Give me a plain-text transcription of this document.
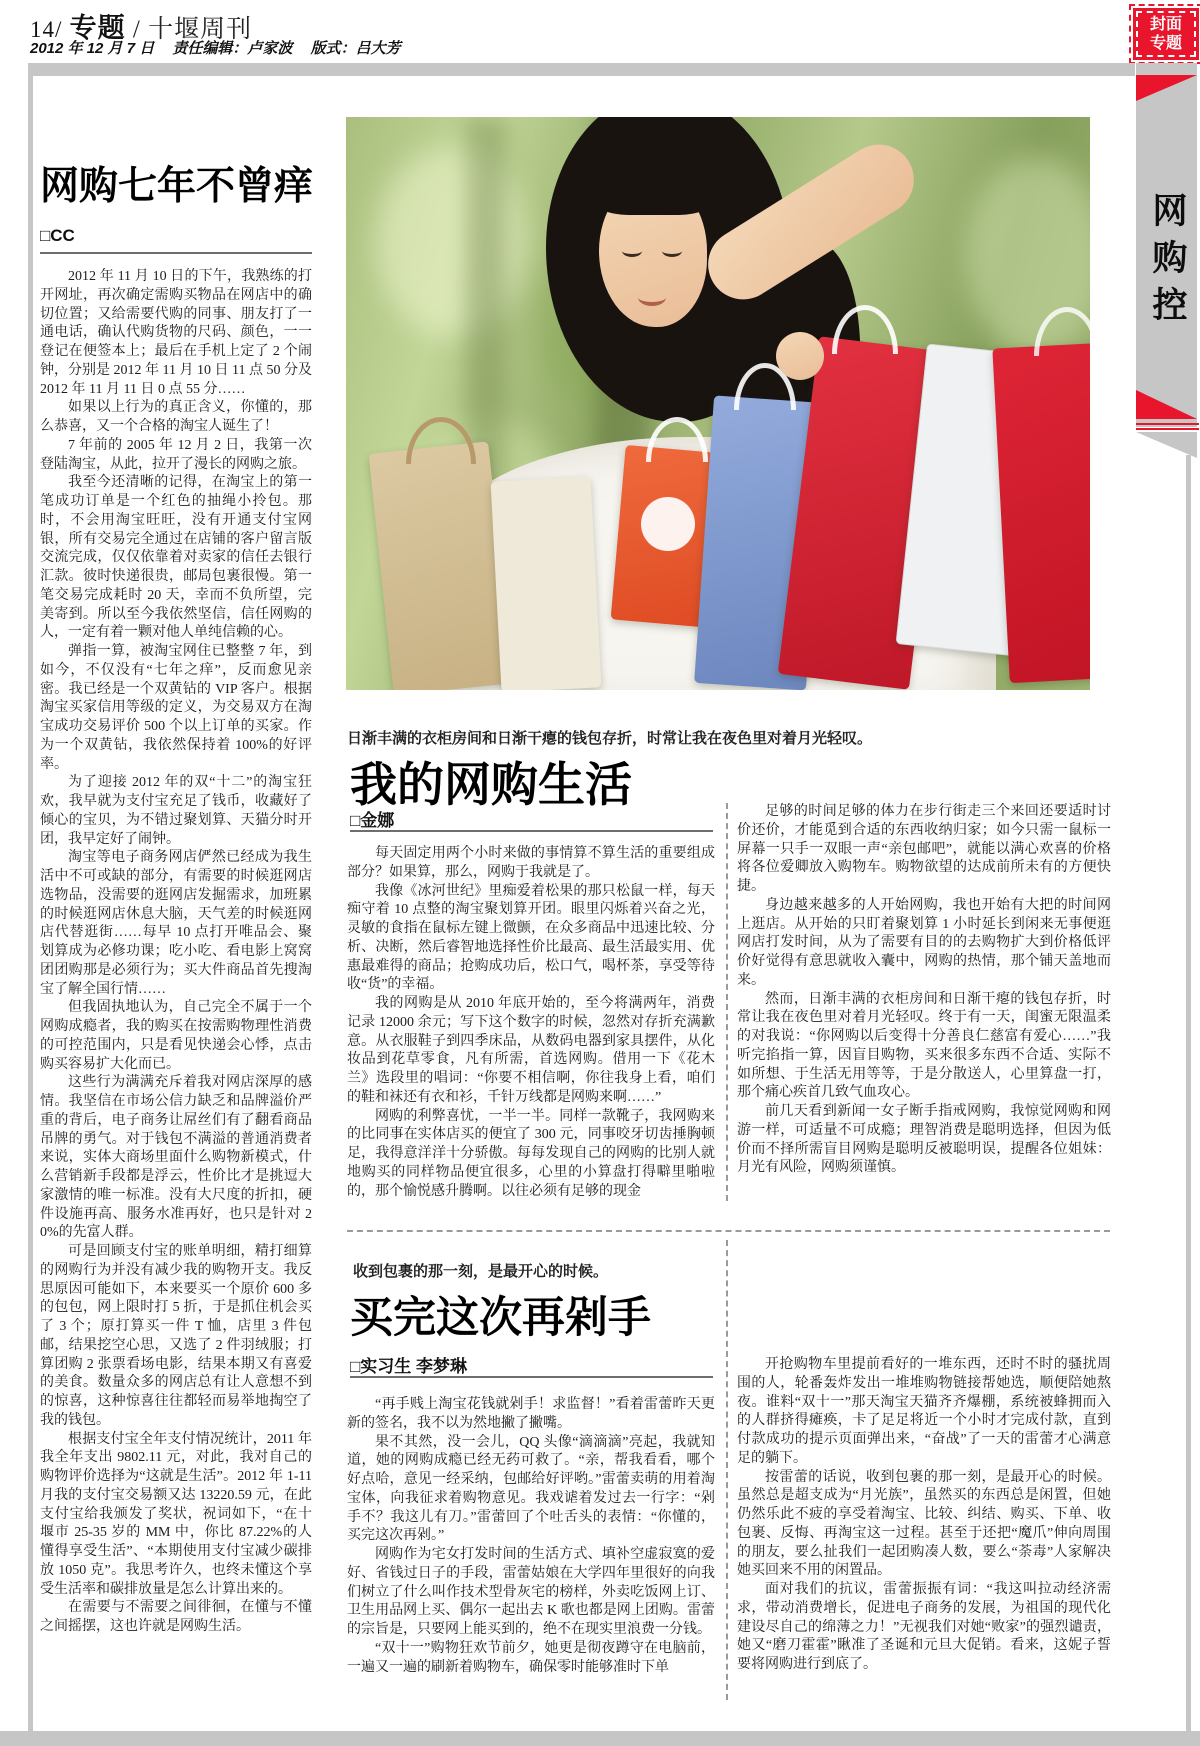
14/ 专题 / 十堰周刊
2012 年 12 月 7 日 责任编辑：卢家波 版式：吕大芳
封面
专题
网购控
网购七年不曾痒
□CC

2012 年 11 月 10 日的下午，我熟练的打开网址，再次确定需购买物品在网店中的确切位置；又给需要代购的同事、朋友打了一通电话，确认代购货物的尺码、颜色，一一登记在便签本上；最后在手机上定了 2 个闹钟，分别是 2012 年 11 月 10 日 11 点 50 分及 2012 年 11 月 11 日 0 点 55 分……

如果以上行为的真正含义，你懂的，那么恭喜，又一个合格的淘宝人诞生了！

7 年前的 2005 年 12 月 2 日，我第一次登陆淘宝，从此，拉开了漫长的网购之旅。

我至今还清晰的记得，在淘宝上的第一笔成功订单是一个红色的抽绳小拎包。那时，不会用淘宝旺旺，没有开通支付宝网银，所有交易完全通过在店铺的客户留言版交流完成，仅仅依靠着对卖家的信任去银行汇款。彼时快递很贵，邮局包裹很慢。第一笔交易完成耗时 20 天，幸而不负所望，完美寄到。所以至今我依然坚信，信任网购的人，一定有着一颗对他人单纯信赖的心。

弹指一算，被淘宝网住已整整 7 年，到如今，不仅没有“七年之痒”，反而愈见亲密。我已经是一个双黄钻的 VIP 客户。根据淘宝买家信用等级的定义，为交易双方在淘宝成功交易评价 500 个以上订单的买家。作为一个双黄钻，我依然保持着 100%的好评率。

为了迎接 2012 年的双“十二”的淘宝狂欢，我早就为支付宝充足了钱币，收藏好了倾心的宝贝，为不错过聚划算、天猫分时开团，我早定好了闹钟。

淘宝等电子商务网店俨然已经成为我生活中不可或缺的部分，有需要的时候逛网店选物品，没需要的逛网店发掘需求，加班累的时候逛网店休息大脑，天气差的时候逛网店代替逛街……每早 10 点打开唯品会、聚划算成为必修功课；吃小吃、看电影上窝窝团团购那是必须行为；买大件商品首先搜淘宝了解全国行情……

但我固执地认为，自己完全不属于一个网购成瘾者，我的购买在按需购物理性消费的可控范围内，只是看见快递会心悸，点击购买容易扩大化而已。

这些行为满满充斥着我对网店深厚的感情。我坚信在市场公信力缺乏和品牌溢价严重的背后，电子商务让屌丝们有了翻看商品吊牌的勇气。对于钱包不满溢的普通消费者来说，实体大商场里面什么购物新模式，什么营销新手段都是浮云，性价比才是挑逗大家激情的唯一标准。没有大尺度的折扣，硬件设施再高、服务水准再好，也只是针对 20%的先富人群。

可是回顾支付宝的账单明细，精打细算的网购行为并没有减少我的购物开支。我反思原因可能如下，本来要买一个原价 600 多的包包，网上限时打 5 折，于是抓住机会买了 3 个；原打算买一件 T 恤，店里 3 件包邮，结果挖空心思，又选了 2 件羽绒服；打算团购 2 张票看场电影，结果本期又有喜爱的美食。数量众多的网店总有让人意想不到的惊喜，这种惊喜往往都轻而易举地掏空了我的钱包。

根据支付宝全年支付情况统计，2011 年我全年支出 9802.11 元，对此，我对自己的购物评价选择为“这就是生活”。2012 年 1-11 月我的支付宝交易额又达 13220.59 元，在此支付宝给我颁发了奖状，祝词如下，“在十堰市 25-35 岁的 MM 中，你比 87.22%的人懂得享受生活”、“本期使用支付宝减少碳排放 1050 克”。我思考许久，也终未懂这个享受生活率和碳排放量是怎么计算出来的。

在需要与不需要之间徘徊，在懂与不懂之间摇摆，这也许就是网购生活。

日渐丰满的衣柜房间和日渐干瘪的钱包存折，时常让我在夜色里对着月光轻叹。
我的网购生活
□金娜

每天固定用两个小时来做的事情算不算生活的重要组成部分？如果算，那么，网购于我就是了。

我像《冰河世纪》里痴爱着松果的那只松鼠一样，每天痴守着 10 点整的淘宝聚划算开团。眼里闪烁着兴奋之光，灵敏的食指在鼠标左键上微颤，在众多商品中迅速比较、分析、决断，然后睿智地选择性价比最高、最生活最实用、优惠最难得的商品；抢购成功后，松口气，喝杯茶，享受等待收“货”的幸福。

我的网购是从 2010 年底开始的，至今将满两年，消费记录 12000 余元；写下这个数字的时候，忽然对存折充满歉意。从衣服鞋子到四季床品，从数码电器到家具摆件，从化妆品到花草零食，凡有所需，首选网购。借用一下《花木兰》选段里的唱词：“你要不相信啊，你往我身上看，咱们的鞋和袜还有衣和衫，千针万线都是网购来啊……”

网购的利弊喜忧，一半一半。同样一款靴子，我网购来的比同事在实体店买的便宜了 300 元，同事咬牙切齿捶胸顿足，我得意洋洋十分骄傲。每每发现自己的网购的比别人就地购买的同样物品便宜很多，心里的小算盘打得噼里啪啦的，那个愉悦感升腾啊。以往必须有足够的现金

足够的时间足够的体力在步行街走三个来回还要适时讨价还价，才能觅到合适的东西收纳归家；如今只需一鼠标一屏幕一只手一双眼一声“亲包邮吧”，就能以满心欢喜的价格将各位爱卿放入购物车。购物欲望的达成前所未有的方便快捷。

身边越来越多的人开始网购，我也开始有大把的时间网上逛店。从开始的只盯着聚划算 1 小时延长到闲来无事便逛网店打发时间，从为了需要有目的的去购物扩大到价格低评价好觉得有意思就收入囊中，网购的热情，那个铺天盖地而来。

然而，日渐丰满的衣柜房间和日渐干瘪的钱包存折，时常让我在夜色里对着月光轻叹。终于有一天，闺蜜无限温柔的对我说：“你网购以后变得十分善良仁慈富有爱心……”我听完掐指一算，因盲目购物，买来很多东西不合适、实际不如所想、于生活无用等等，于是分散送人，心里算盘一打，那个痛心疾首几致气血攻心。

前几天看到新闻一女子断手指戒网购，我惊觉网购和网游一样，可适量不可成瘾；理智消费是聪明选择，但因为低价而不择所需盲目网购是聪明反被聪明误，提醒各位姐妹：月光有风险，网购须谨慎。

收到包裹的那一刻，是最开心的时候。
买完这次再剁手
□实习生 李梦琳

“再手贱上淘宝花钱就剁手！求监督！”看着雷蕾昨天更新的签名，我不以为然地撇了撇嘴。

果不其然，没一会儿，QQ 头像“滴滴滴”亮起，我就知道，她的网购成瘾已经无药可救了。“亲，帮我看看，哪个好点哈，意见一经采纳，包邮给好评哟。”雷蕾卖萌的用着淘宝体，向我征求着购物意见。我戏谑着发过去一行字：“剁手不？我这儿有刀。”雷蕾回了个吐舌头的表情：“你懂的，买完这次再剁。”

网购作为宅女打发时间的生活方式、填补空虚寂寞的爱好、省钱过日子的手段，雷蕾姑娘在大学四年里很好的向我们树立了什么叫作技术型骨灰宅的榜样，外卖吃饭网上订、卫生用品网上买、偶尔一起出去 K 歌也都是网上团购。雷蕾的宗旨是，只要网上能买到的，绝不在现实里浪费一分钱。

“双十一”购物狂欢节前夕，她更是彻夜蹲守在电脑前，一遍又一遍的刷新着购物车，确保零时能够准时下单

开抢购物车里提前看好的一堆东西，还时不时的骚扰周围的人，轮番轰炸发出一堆堆购物链接帮她选，顺便陪她熬夜。谁料“双十一”那天淘宝天猫齐齐爆棚，系统被蜂拥而入的人群挤得瘫痪，卡了足足将近一个小时才完成付款，直到付款成功的提示页面弹出来，“奋战”了一天的雷蕾才心满意足的躺下。

按雷蕾的话说，收到包裹的那一刻，是最开心的时候。虽然总是超支成为“月光族”，虽然买的东西总是闲置，但她仍然乐此不疲的享受着淘宝、比较、纠结、购买、下单、收包裹、反悔、再淘宝这一过程。甚至于还把“魔爪”伸向周围的朋友，要么扯我们一起团购凑人数，要么“荼毒”人家解决她买回来不用的闲置品。

面对我们的抗议，雷蕾振振有词：“我这叫拉动经济需求，带动消费增长，促进电子商务的发展，为祖国的现代化建设尽自己的绵薄之力！”无视我们对她“败家”的强烈谴责，她又“磨刀霍霍”瞅准了圣诞和元旦大促销。看来，这妮子誓要将网购进行到底了。
